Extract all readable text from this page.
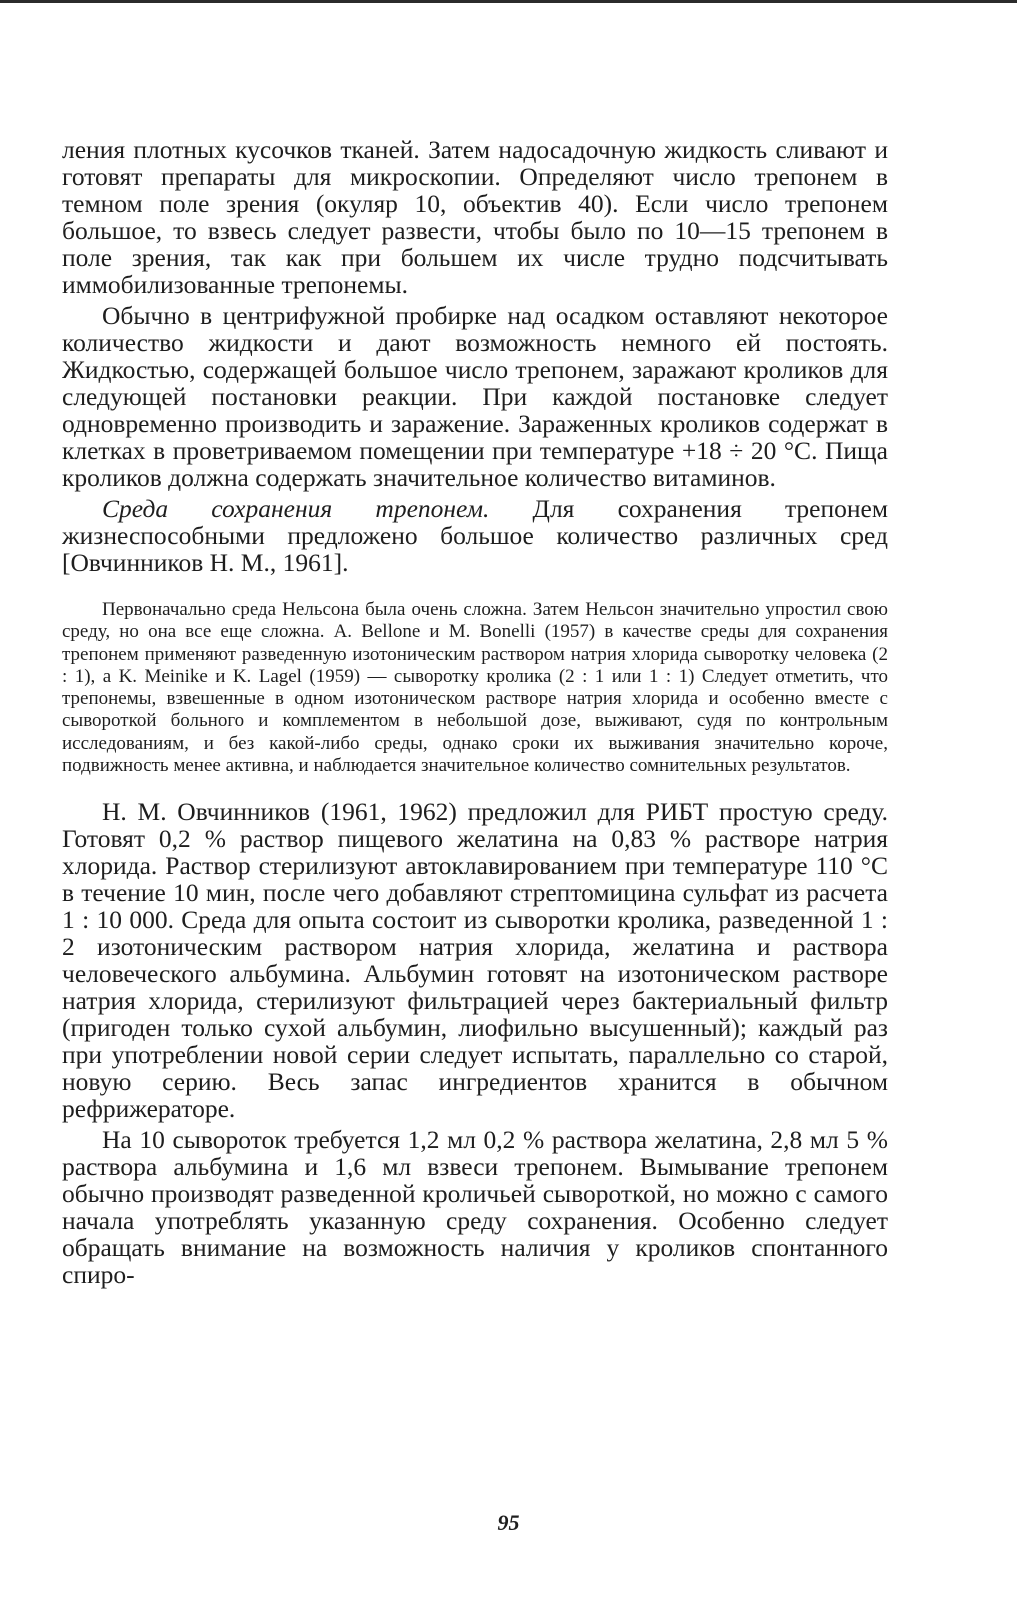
ления плотных кусочков тканей. Затем надосадочную жидкость сливают и готовят препараты для микроскопии. Определяют число трепонем в темном поле зрения (окуляр 10, объектив 40). Если число трепонем большое, то взвесь следует развести, чтобы было по 10—15 трепонем в поле зрения, так как при большем их числе трудно подсчитывать иммобилизованные трепонемы.

Обычно в центрифужной пробирке над осадком оставляют некоторое количество жидкости и дают возможность немного ей постоять. Жидкостью, содержащей большое число трепонем, заражают кроликов для следующей постановки реакции. При каждой постановке следует одновременно производить и заражение. Зараженных кроликов содержат в клетках в проветриваемом помещении при температуре +18 ÷ 20 °С. Пища кроликов должна содержать значительное количество витаминов.

Среда сохранения трепонем. Для сохранения трепонем жизнеспособными предложено большое количество различных сред [Овчинников Н. М., 1961].

Первоначально среда Нельсона была очень сложна. Затем Нельсон значительно упростил свою среду, но она все еще сложна. A. Bellone и M. Bonelli (1957) в качестве среды для сохранения трепонем применяют разведенную изотоническим раствором натрия хлорида сыворотку человека (2 : 1), а K. Meinike и K. Lagel (1959) — сыворотку кролика (2 : 1 или 1 : 1) Следует отметить, что трепонемы, взвешенные в одном изотоническом растворе натрия хлорида и особенно вместе с сывороткой больного и комплементом в небольшой дозе, выживают, судя по контрольным исследованиям, и без какой-либо среды, однако сроки их выживания значительно короче, подвижность менее активна, и наблюдается значительное количество сомнительных результатов.

Н. М. Овчинников (1961, 1962) предложил для РИБТ простую среду. Готовят 0,2 % раствор пищевого желатина на 0,83 % растворе натрия хлорида. Раствор стерилизуют автоклавированием при температуре 110 °С в течение 10 мин, после чего добавляют стрептомицина сульфат из расчета 1 : 10 000. Среда для опыта состоит из сыворотки кролика, разведенной 1 : 2 изотоническим раствором натрия хлорида, желатина и раствора человеческого альбумина. Альбумин готовят на изотоническом растворе натрия хлорида, стерилизуют фильтрацией через бактериальный фильтр (пригоден только сухой альбумин, лиофильно высушенный); каждый раз при употреблении новой серии следует испытать, параллельно со старой, новую серию. Весь запас ингредиентов хранится в обычном рефрижераторе.

На 10 сывороток требуется 1,2 мл 0,2 % раствора желатина, 2,8 мл 5 % раствора альбумина и 1,6 мл взвеси трепонем. Вымывание трепонем обычно производят разведенной кроличьей сывороткой, но можно с самого начала употреблять указанную среду сохранения. Особенно следует обращать внимание на возможность наличия у кроликов спонтанного спиро-

95
